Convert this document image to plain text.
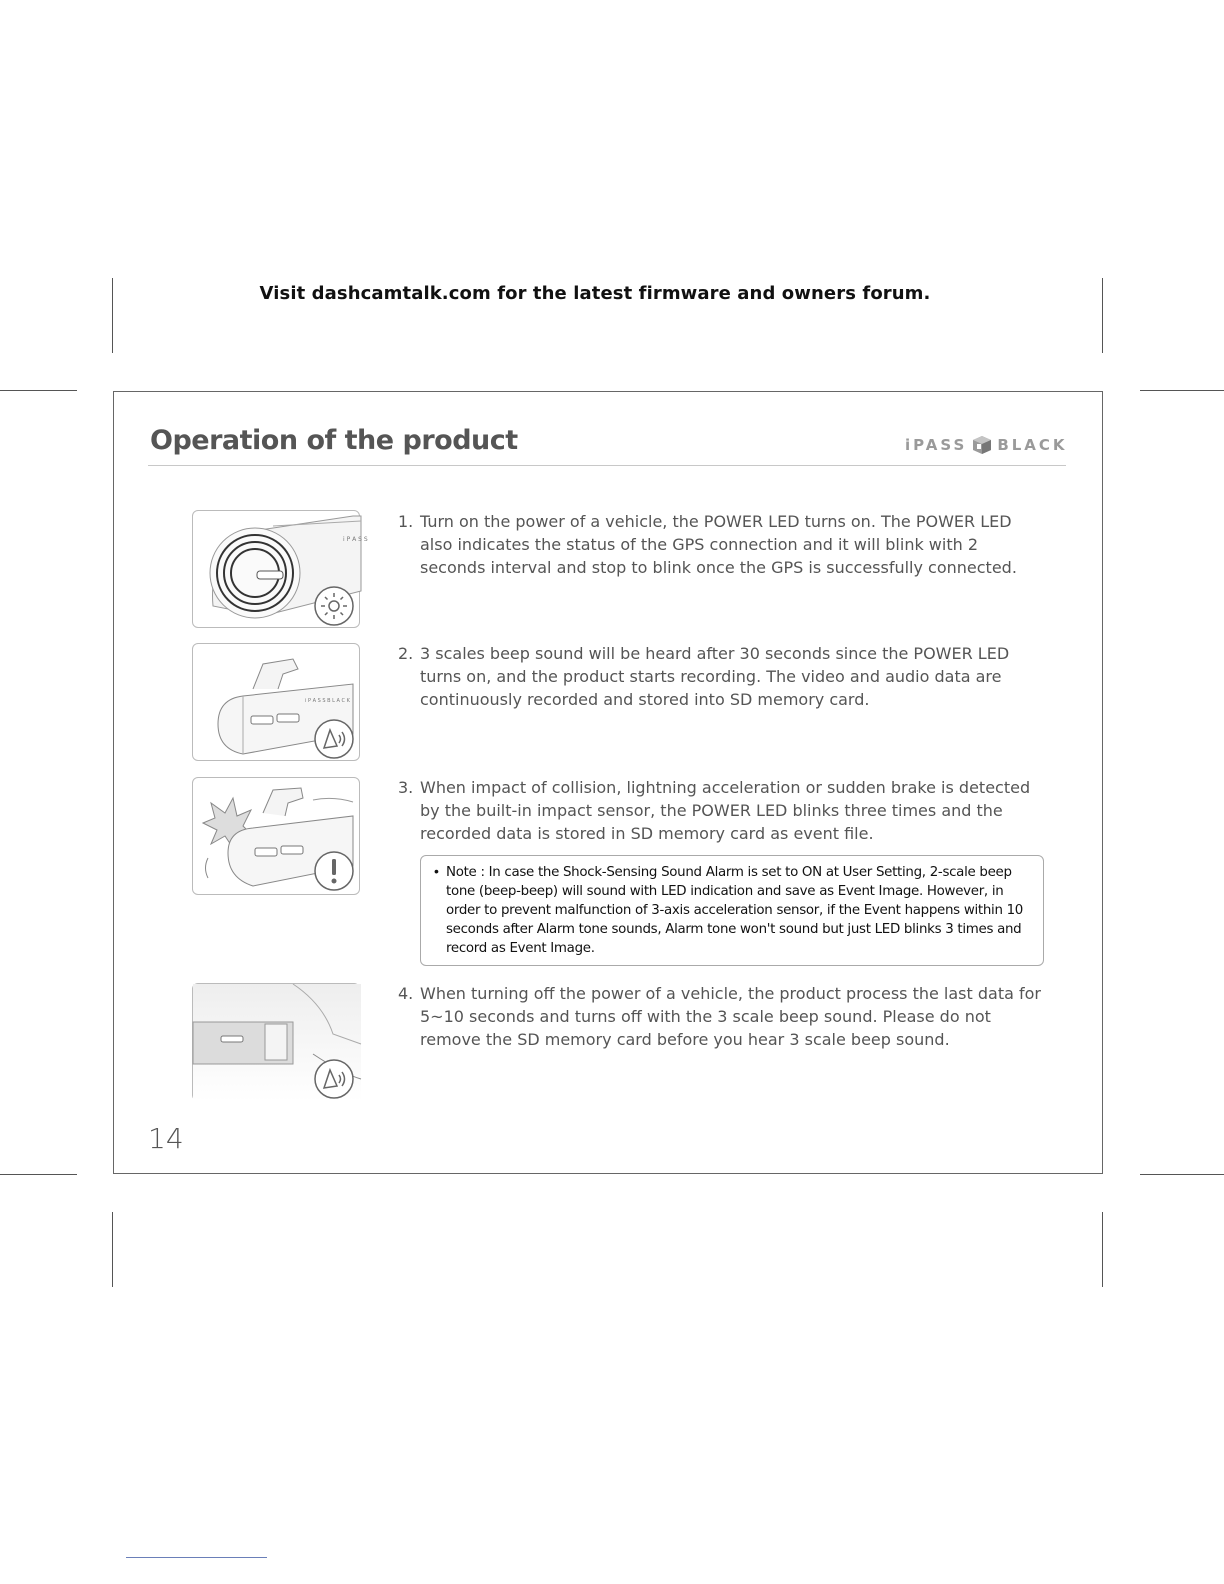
Visit dashcamtalk.com for the latest firmware and owners forum.
Operation of the product	iPASS BLACK
i P A S S
1. Turn on the power of a vehicle, the POWER LED turns on. The POWER LED also indicates the status of the GPS connection and it will blink with 2 seconds interval and stop to blink once the GPS is successfully connected.
i P A S S B L A C K
2. 3 scales beep sound will be heard after 30 seconds since the POWER LED turns on, and the product starts recording. The video and audio data are continuously recorded and stored into SD memory card.
3. When impact of collision, lightning acceleration or sudden brake is detected by the built-in impact sensor, the POWER LED blinks three times and the recorded data is stored in SD memory card as event file.
• Note : In case the Shock-Sensing Sound Alarm is set to ON at User Setting, 2-scale beep tone (beep-beep) will sound with LED indication and save as Event Image. However, in order to prevent malfunction of 3-axis acceleration sensor, if the Event happens within 10 seconds after Alarm tone sounds, Alarm tone won't sound but just LED blinks 3 times and record as Event Image.
4. When turning off the power of a vehicle, the product process the last data for 5~10 seconds and turns off with the 3 scale beep sound. Please do not remove the SD memory card before you hear 3 scale beep sound.
14
